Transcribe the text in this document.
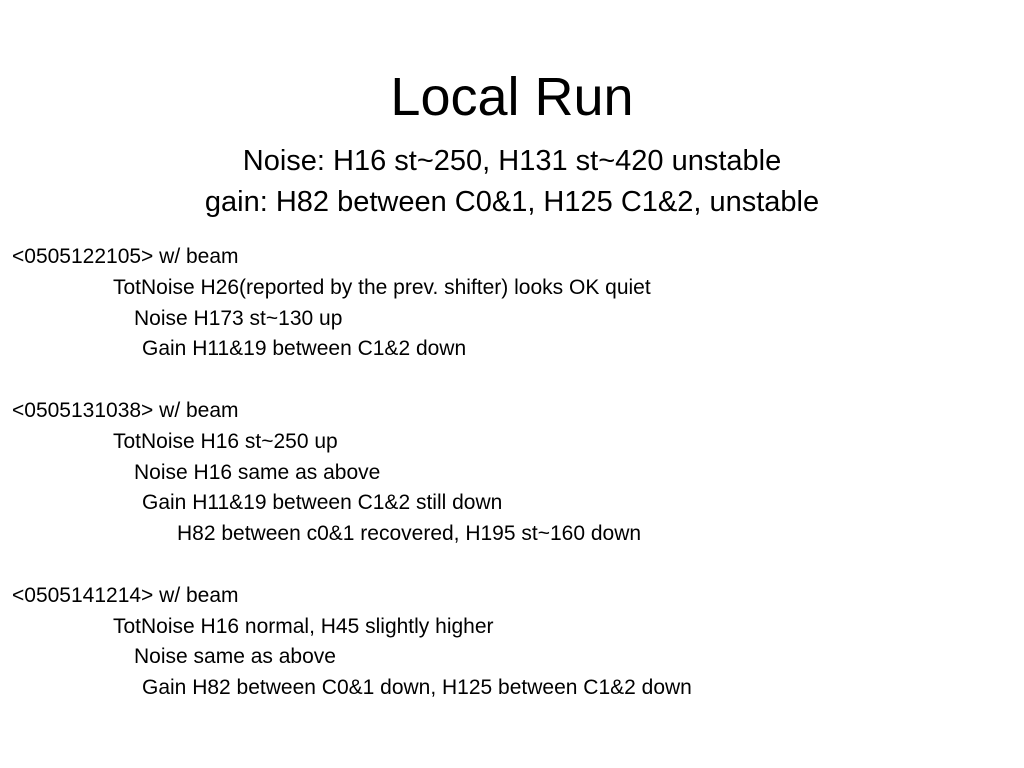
Local Run
Noise: H16 st~250, H131 st~420 unstable
gain: H82 between C0&1, H125 C1&2, unstable
<0505122105> w/ beam
TotNoise H26(reported by the prev. shifter) looks OK quiet
Noise H173 st~130 up
Gain H11&19 between C1&2 down
<0505131038> w/ beam
TotNoise H16 st~250 up
Noise H16 same as above
Gain H11&19 between C1&2 still down
H82 between c0&1 recovered, H195 st~160 down
<0505141214> w/ beam
TotNoise H16 normal, H45 slightly higher
Noise same as above
Gain H82 between C0&1 down, H125 between C1&2 down
